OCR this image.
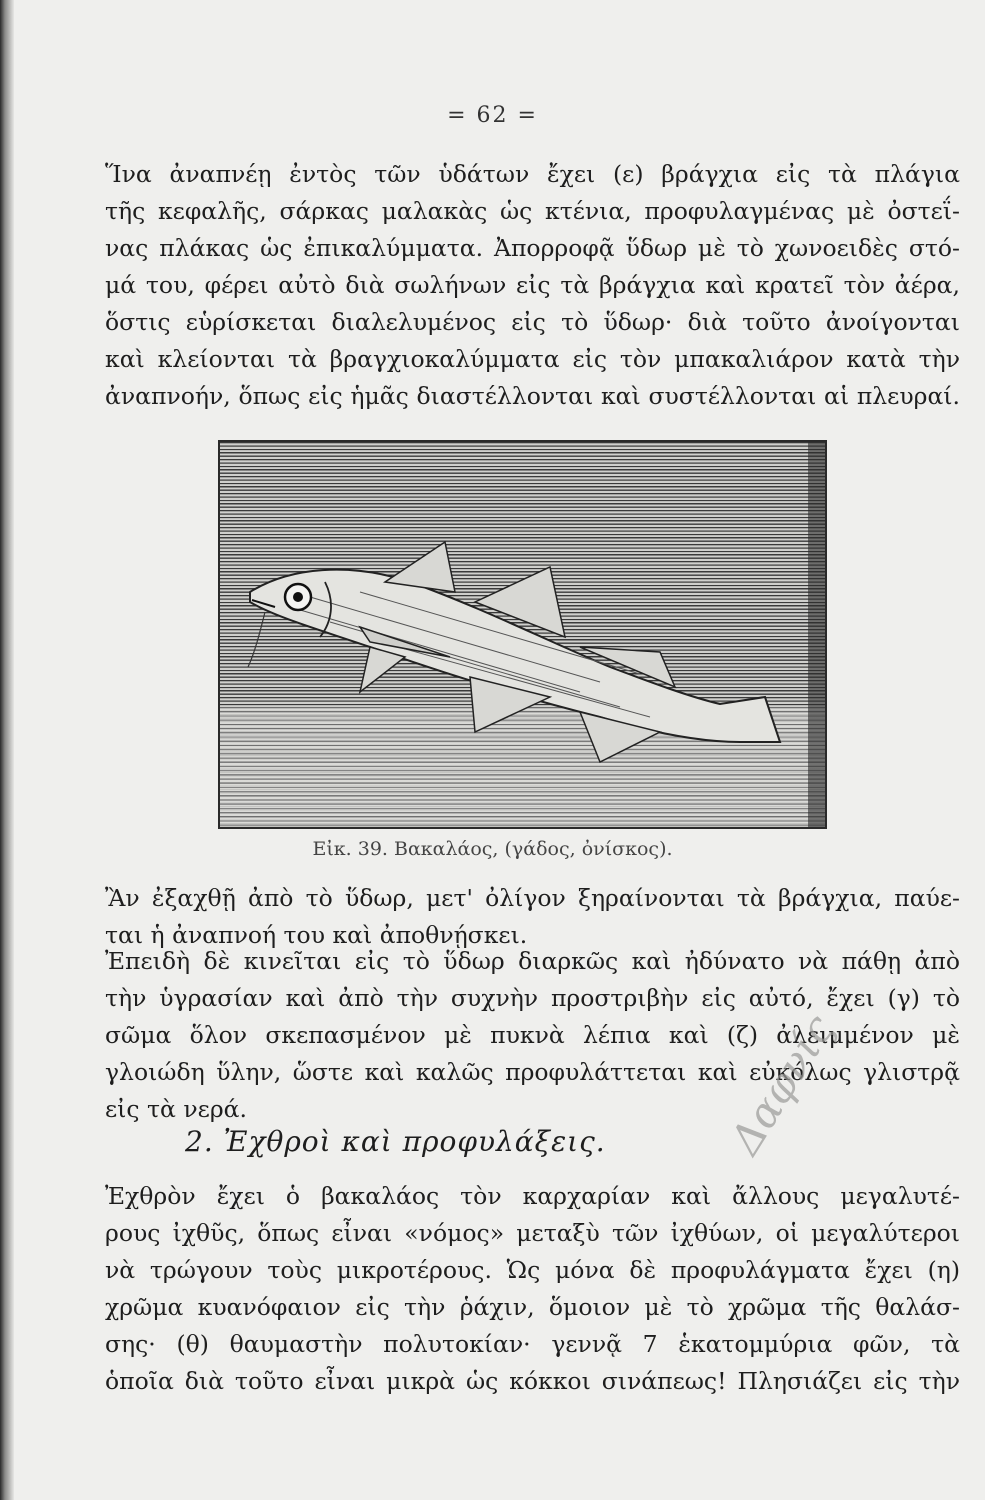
= 62 =
Ἵνα ἀναπνέῃ ἐντὸς τῶν ὑδάτων ἔχει (ε) βράγχια εἰς τὰ πλάγια
τῆς κεφαλῆς, σάρκας μαλακὰς ὡς κτένια, προφυλαγμένας μὲ ὀστεΐ-
νας πλάκας ὡς ἐπικαλύμματα. Ἀπορροφᾷ ὕδωρ μὲ τὸ χωνοειδὲς στό-
μά του, φέρει αὐτὸ διὰ σωλήνων εἰς τὰ βράγχια καὶ κρατεῖ τὸν ἀέρα,
ὅστις εὑρίσκεται διαλελυμένος εἰς τὸ ὕδωρ· διὰ τοῦτο ἀνοίγονται
καὶ κλείονται τὰ βραγχιοκαλύμματα εἰς τὸν μπακαλιάρον κατὰ τὴν
ἀναπνοήν, ὅπως εἰς ἡμᾶς διαστέλλονται καὶ συστέλλονται αἱ πλευραί.
Εἰκ. 39. Βακαλάος, (γάδος, ὀνίσκος).
Ἂν ἐξαχθῇ ἀπὸ τὸ ὕδωρ, μετ' ὀλίγον ξηραίνονται τὰ βράγχια, παύε-
ται ἡ ἀναπνοή του καὶ ἀποθνῄσκει.
Ἐπειδὴ δὲ κινεῖται εἰς τὸ ὕδωρ διαρκῶς καὶ ἠδύνατο νὰ πάθῃ ἀπὸ
τὴν ὑγρασίαν καὶ ἀπὸ τὴν συχνὴν προστριβὴν εἰς αὐτό, ἔχει (γ) τὸ
σῶμα ὅλον σκεπασμένον μὲ πυκνὰ λέπια καὶ (ζ) ἀλειμμένον μὲ
γλοιώδη ὕλην, ὥστε καὶ καλῶς προφυλάττεται καὶ εὐκόλως γλιστρᾷ
εἰς τὰ νερά.	Δαφνίς
2. Ἐχθροὶ καὶ προφυλάξεις.
Ἐχθρὸν ἔχει ὁ βακαλάος τὸν καρχαρίαν καὶ ἄλλους μεγαλυτέ-
ρους ἰχθῦς, ὅπως εἶναι «νόμος» μεταξὺ τῶν ἰχθύων, οἱ μεγαλύτεροι
νὰ τρώγουν τοὺς μικροτέρους. Ὡς μόνα δὲ προφυλάγματα ἔχει (η)
χρῶμα κυανόφαιον εἰς τὴν ῥάχιν, ὅμοιον μὲ τὸ χρῶμα τῆς θαλάσ-
σης· (θ) θαυμαστὴν πολυτοκίαν· γεννᾷ 7 ἑκατομμύρια φῶν, τὰ
ὁποῖα διὰ τοῦτο εἶναι μικρὰ ὡς κόκκοι σινάπεως! Πλησιάζει εἰς τὴν
